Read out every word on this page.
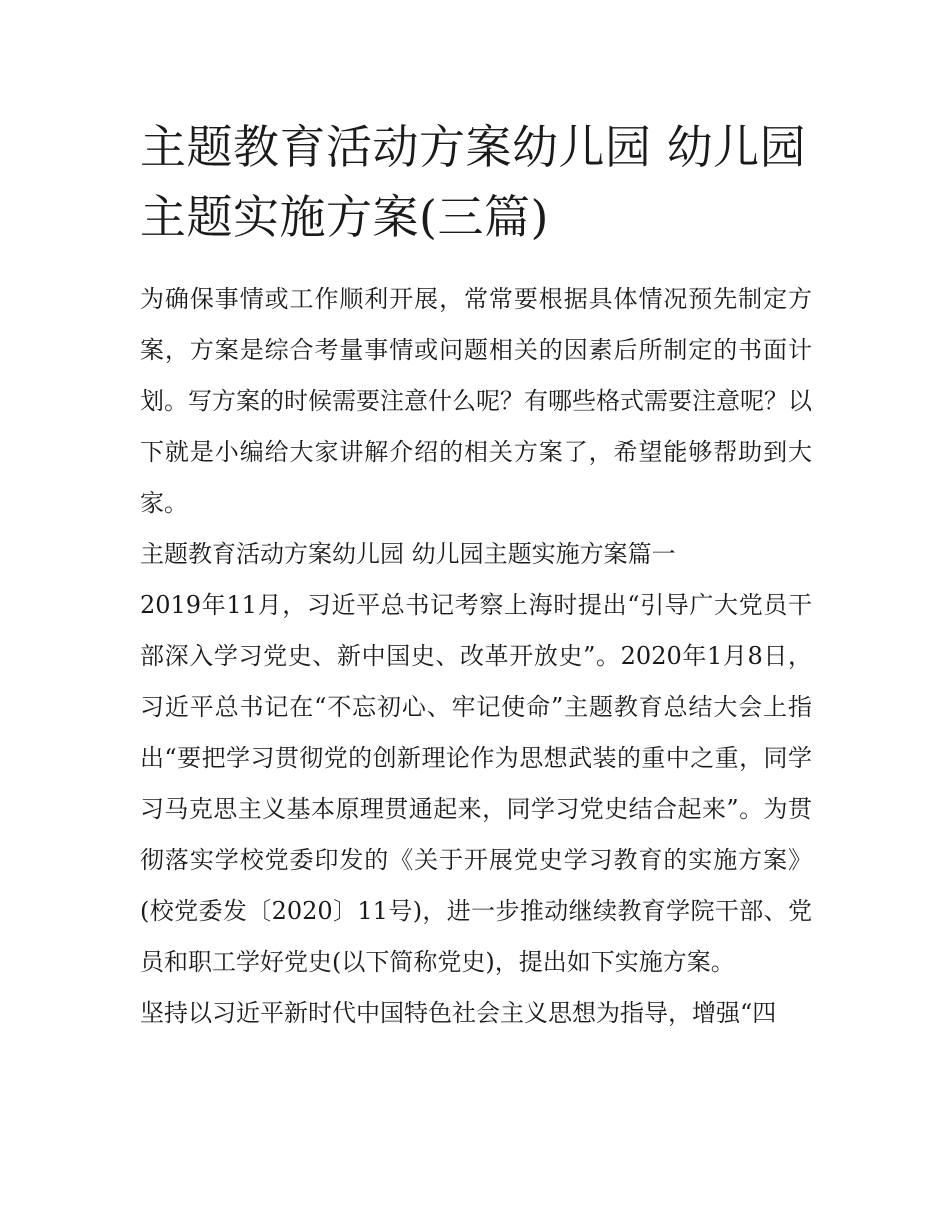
主题教育活动方案幼儿园 幼儿园主题实施方案(三篇)

为确保事情或工作顺利开展，常常要根据具体情况预先制定方案，方案是综合考量事情或问题相关的因素后所制定的书面计划。写方案的时候需要注意什么呢？有哪些格式需要注意呢？以下就是小编给大家讲解介绍的相关方案了，希望能够帮助到大家。

主题教育活动方案幼儿园 幼儿园主题实施方案篇一

2019年11月，习近平总书记考察上海时提出“引导广大党员干部深入学习党史、新中国史、改革开放史”。2020年1月8日，习近平总书记在“不忘初心、牢记使命”主题教育总结大会上指出“要把学习贯彻党的创新理论作为思想武装的重中之重，同学习马克思主义基本原理贯通起来，同学习党史结合起来”。为贯彻落实学校党委印发的《关于开展党史学习教育的实施方案》(校党委发〔2020〕11号)，进一步推动继续教育学院干部、党员和职工学好党史(以下简称党史)，提出如下实施方案。

坚持以习近平新时代中国特色社会主义思想为指导，增强“四
